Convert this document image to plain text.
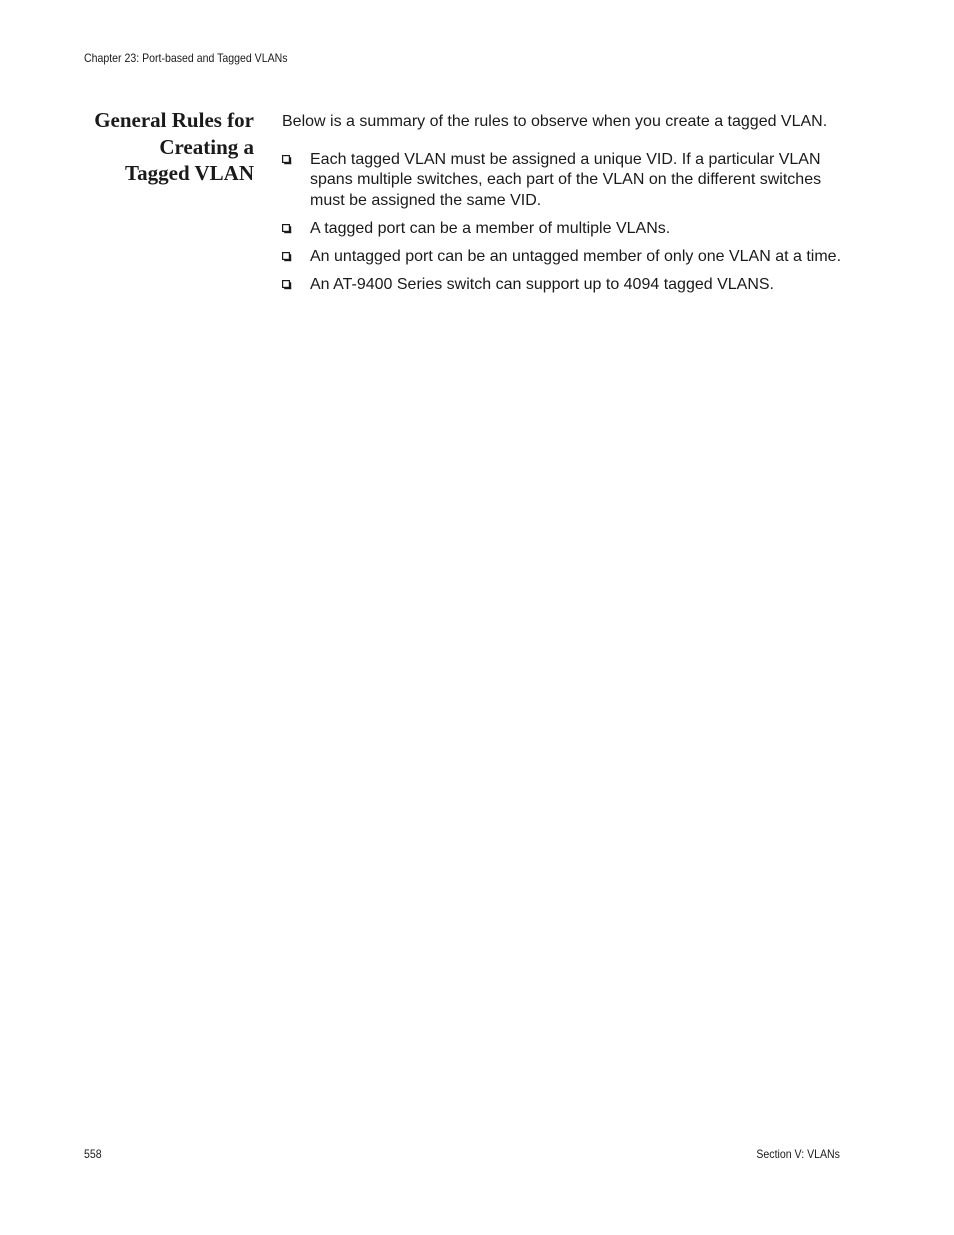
Chapter 23: Port-based and Tagged VLANs
General Rules for
Creating a
Tagged VLAN

Below is a summary of the rules to observe when you create a tagged VLAN.

Each tagged VLAN must be assigned a unique VID. If a particular VLAN spans multiple switches, each part of the VLAN on the different switches must be assigned the same VID.
A tagged port can be a member of multiple VLANs.
An untagged port can be an untagged member of only one VLAN at a time.
An AT-9400 Series switch can support up to 4094 tagged VLANS.
558	Section V: VLANs
